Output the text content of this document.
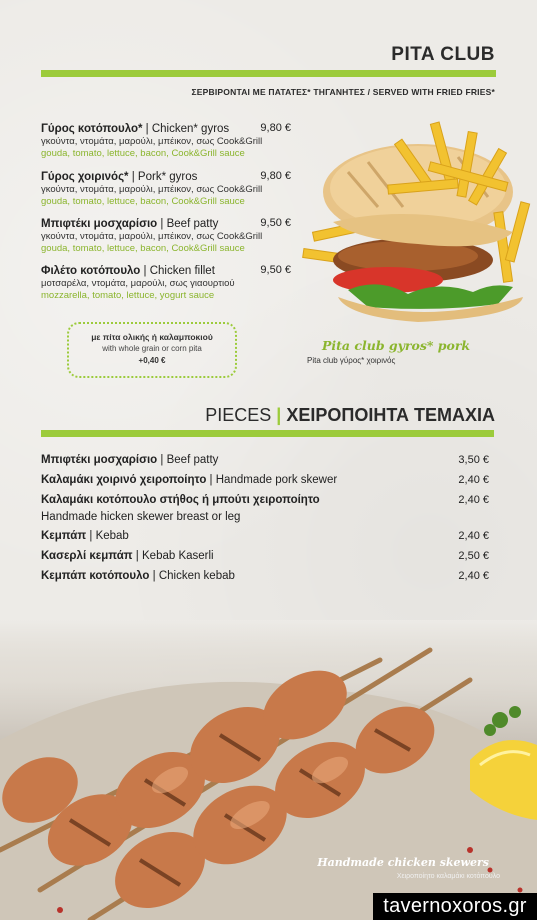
PITA CLUB
ΣΕΡΒΙΡΟΝΤΑΙ ΜΕ ΠΑΤΑΤΕΣ* ΤΗΓΑΝΗΤΕΣ / SERVED WITH FRIED FRIES*
Γύρος κοτόπουλο* | Chicken* gyros	9,80 €
γκούντα, ντομάτα, μαρούλι, μπέικον, σως Cook&Grill
gouda, tomato, lettuce, bacon, Cook&Grill sauce
Γύρος χοιρινός* | Pork* gyros	9,80 €
γκούντα, ντομάτα, μαρούλι, μπέικον, σως Cook&Grill
gouda, tomato, lettuce, bacon, Cook&Grill sauce
Μπιφτέκι μοσχαρίσιο | Beef patty	9,50 €
γκούντα, ντομάτα, μαρούλι, μπέικον, σως Cook&Grill
gouda, tomato, lettuce, bacon, Cook&Grill sauce
Φιλέτο κοτόπουλο | Chicken fillet	9,50 €
μοτσαρέλα, ντομάτα, μαρούλι, σως γιαουρτιού
mozzarella, tomato, lettuce, yogurt sauce
με πίτα ολικής ή καλαμποκιού
with whole grain or corn pita
+0,40 €
Pita club gyros* pork
Pita club γύρος* χοιρινός
PIECES | ΧΕΙΡΟΠΟΙΗΤΑ ΤΕΜΑΧΙΑ
Μπιφτέκι μοσχαρίσιο | Beef patty	3,50 €
Καλαμάκι χοιρινό χειροποίητο | Handmade pork skewer	2,40 €
Καλαμάκι κοτόπουλο στήθος ή μπούτι χειροποίητο	2,40 €
Handmade hicken skewer breast or leg
Κεμπάπ | Kebab	2,40 €
Κασερλί κεμπάπ | Kebab Kaserli	2,50 €
Κεμπάπ κοτόπουλο | Chicken kebab	2,40 €
Handmade chicken skewers
Χειροποίητο καλαμάκι κοτόπουλο
tavernoxoros.gr
